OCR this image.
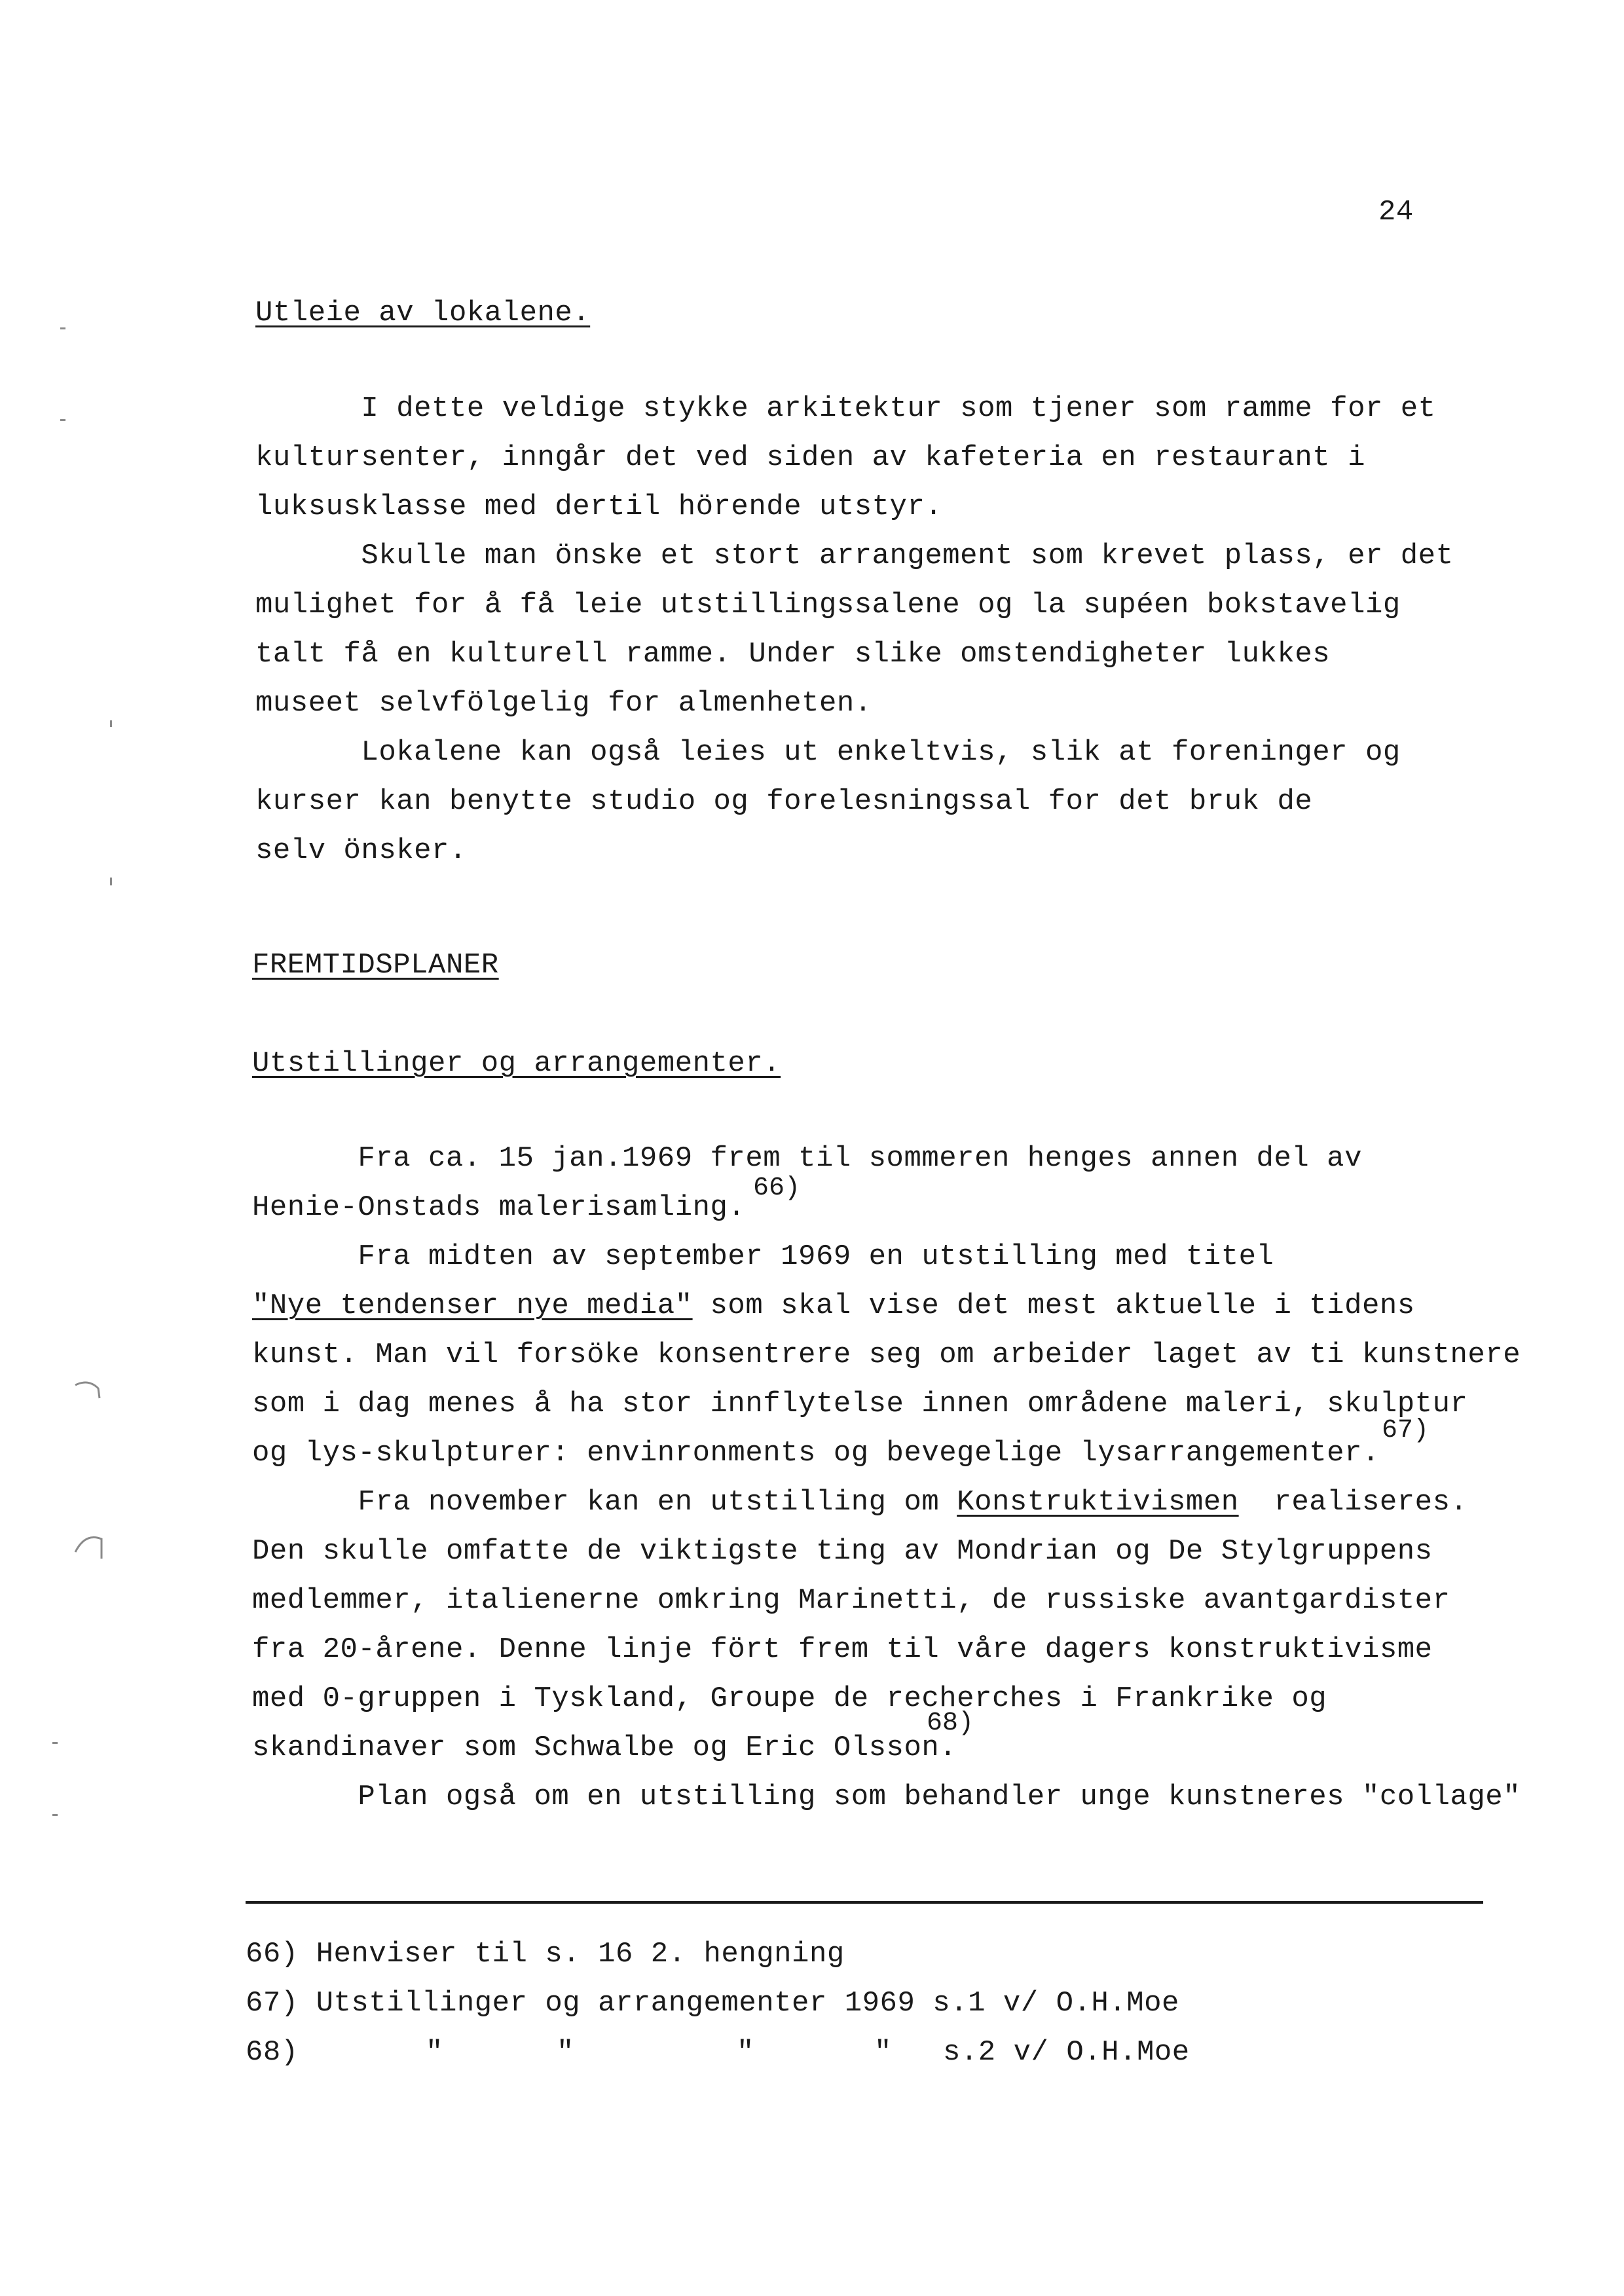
24
Utleie av lokalene.
I dette veldige stykke arkitektur som tjener som ramme for et
kultursenter, inngår det ved siden av kafeteria en restaurant i
luksusklasse med dertil hörende utstyr.
Skulle man önske et stort arrangement som krevet plass, er det
mulighet for å få leie utstillingssalene og la supéen bokstavelig
talt få en kulturell ramme. Under slike omstendigheter lukkes
museet selvfölgelig for almenheten.
Lokalene kan også leies ut enkeltvis, slik at foreninger og
kurser kan benytte studio og forelesningssal for det bruk de
selv önsker.
FREMTIDSPLANER
Utstillinger og arrangementer.
Fra ca. 15 jan.1969 frem til sommeren henges annen del av
Henie-Onstads malerisamling.
66)
Fra midten av september 1969 en utstilling med titel
"Nye tendenser nye media" som skal vise det mest aktuelle i tidens
kunst. Man vil forsöke konsentrere seg om arbeider laget av ti kunstnere
som i dag menes å ha stor innflytelse innen områdene maleri, skulptur
og lys-skulpturer: envinronments og bevegelige lysarrangementer.
67)
Fra november kan en utstilling om Konstruktivismen  realiseres.
Den skulle omfatte de viktigste ting av Mondrian og De Stylgruppens
medlemmer, italienerne omkring Marinetti, de russiske avantgardister
fra 20-årene. Denne linje fört frem til våre dagers konstruktivisme
med 0-gruppen i Tyskland, Groupe de recherches i Frankrike og
skandinaver som Schwalbe og Eric Olsson.
68)
Plan også om en utstilling som behandler unge kunstneres "collage"
66) Henviser til s. 16 2. hengning
67) Utstillinger og arrangementer 1969 s.1 v/ O.H.Moe
68)	"	"	"	" s.2 v/ O.H.Moe
